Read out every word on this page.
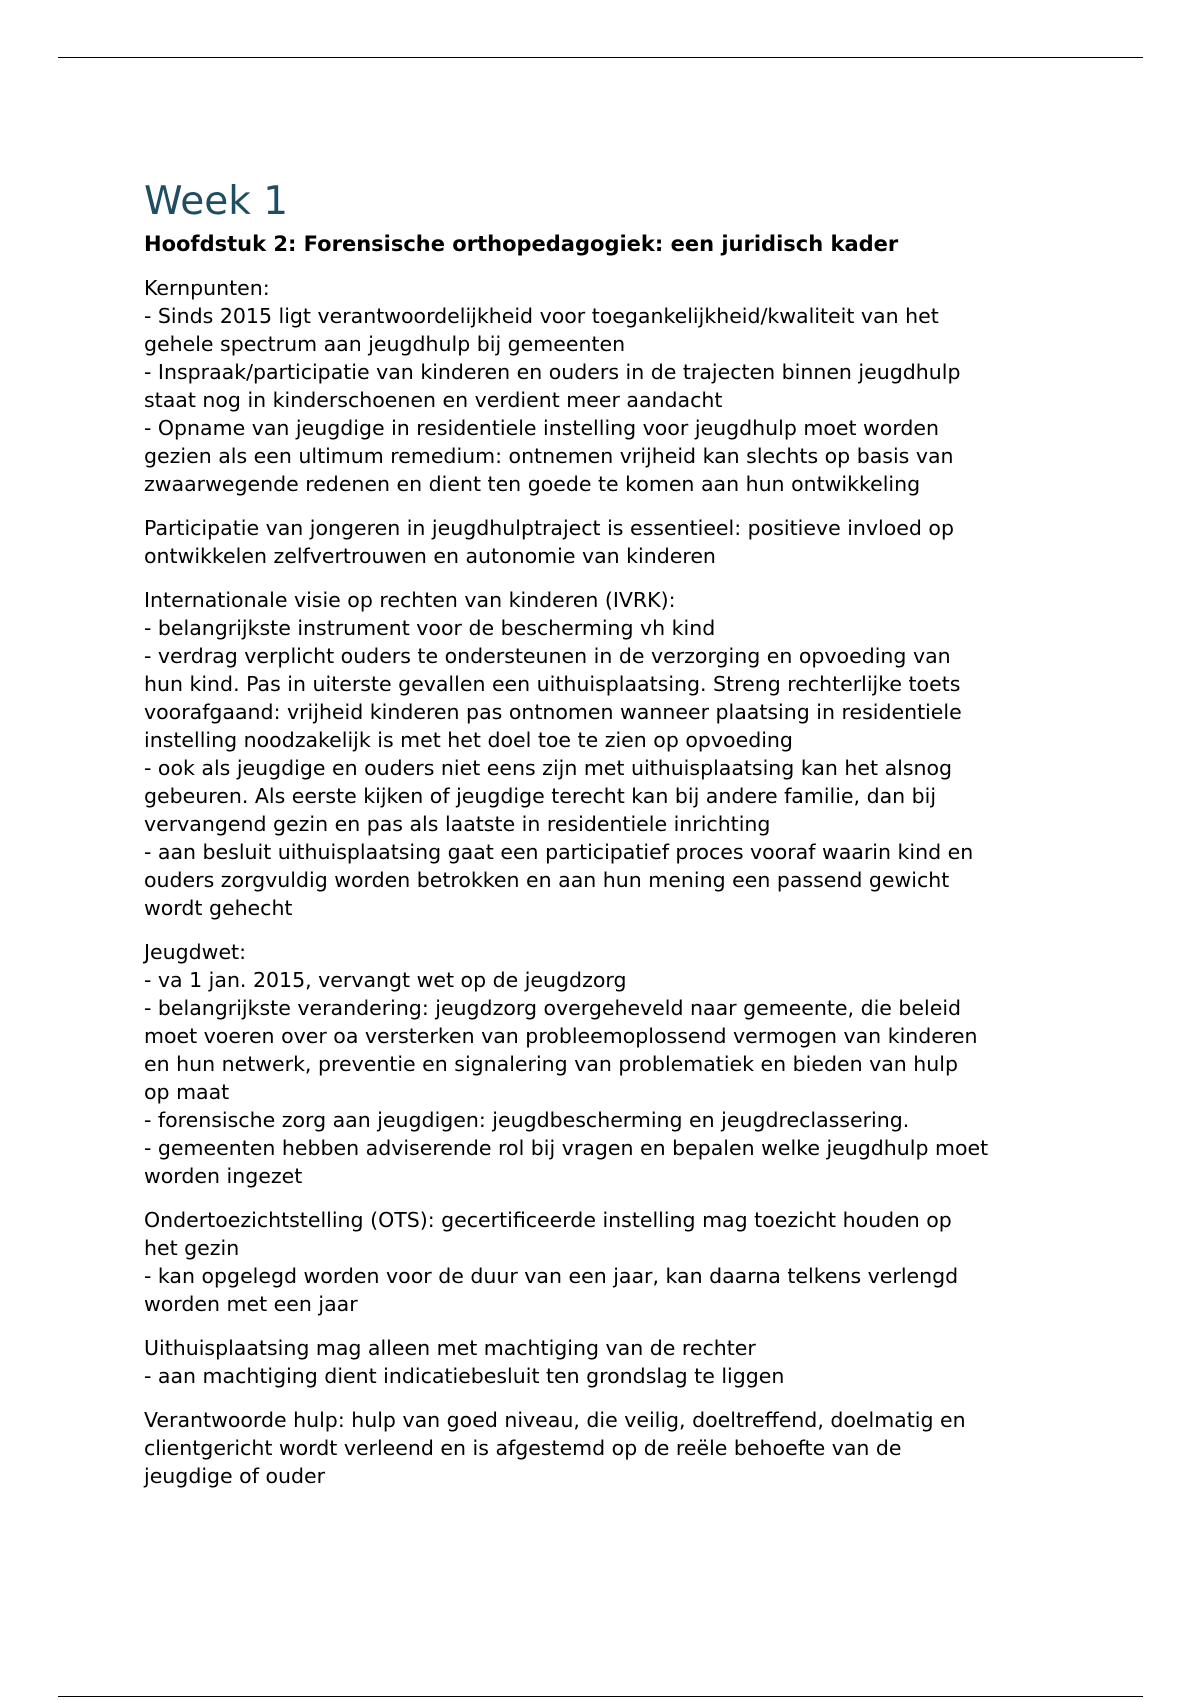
Week 1
Hoofdstuk 2: Forensische orthopedagogiek: een juridisch kader
Kernpunten:
- Sinds 2015 ligt verantwoordelijkheid voor toegankelijkheid/kwaliteit van het
gehele spectrum aan jeugdhulp bij gemeenten
- Inspraak/participatie van kinderen en ouders in de trajecten binnen jeugdhulp
staat nog in kinderschoenen en verdient meer aandacht
- Opname van jeugdige in residentiele instelling voor jeugdhulp moet worden
gezien als een ultimum remedium: ontnemen vrijheid kan slechts op basis van
zwaarwegende redenen en dient ten goede te komen aan hun ontwikkeling
Participatie van jongeren in jeugdhulptraject is essentieel: positieve invloed op
ontwikkelen zelfvertrouwen en autonomie van kinderen
Internationale visie op rechten van kinderen (IVRK):
- belangrijkste instrument voor de bescherming vh kind
- verdrag verplicht ouders te ondersteunen in de verzorging en opvoeding van
hun kind. Pas in uiterste gevallen een uithuisplaatsing. Streng rechterlijke toets
voorafgaand: vrijheid kinderen pas ontnomen wanneer plaatsing in residentiele
instelling noodzakelijk is met het doel toe te zien op opvoeding
- ook als jeugdige en ouders niet eens zijn met uithuisplaatsing kan het alsnog
gebeuren. Als eerste kijken of jeugdige terecht kan bij andere familie, dan bij
vervangend gezin en pas als laatste in residentiele inrichting
- aan besluit uithuisplaatsing gaat een participatief proces vooraf waarin kind en
ouders zorgvuldig worden betrokken en aan hun mening een passend gewicht
wordt gehecht
Jeugdwet:
- va 1 jan. 2015, vervangt wet op de jeugdzorg
- belangrijkste verandering: jeugdzorg overgeheveld naar gemeente, die beleid
moet voeren over oa versterken van probleemoplossend vermogen van kinderen
en hun netwerk, preventie en signalering van problematiek en bieden van hulp
op maat
- forensische zorg aan jeugdigen: jeugdbescherming en jeugdreclassering.
- gemeenten hebben adviserende rol bij vragen en bepalen welke jeugdhulp moet
worden ingezet
Ondertoezichtstelling (OTS): gecertificeerde instelling mag toezicht houden op
het gezin
- kan opgelegd worden voor de duur van een jaar, kan daarna telkens verlengd
worden met een jaar
Uithuisplaatsing mag alleen met machtiging van de rechter
- aan machtiging dient indicatiebesluit ten grondslag te liggen
Verantwoorde hulp: hulp van goed niveau, die veilig, doeltreffend, doelmatig en
clientgericht wordt verleend en is afgestemd op de reële behoefte van de
jeugdige of ouder
